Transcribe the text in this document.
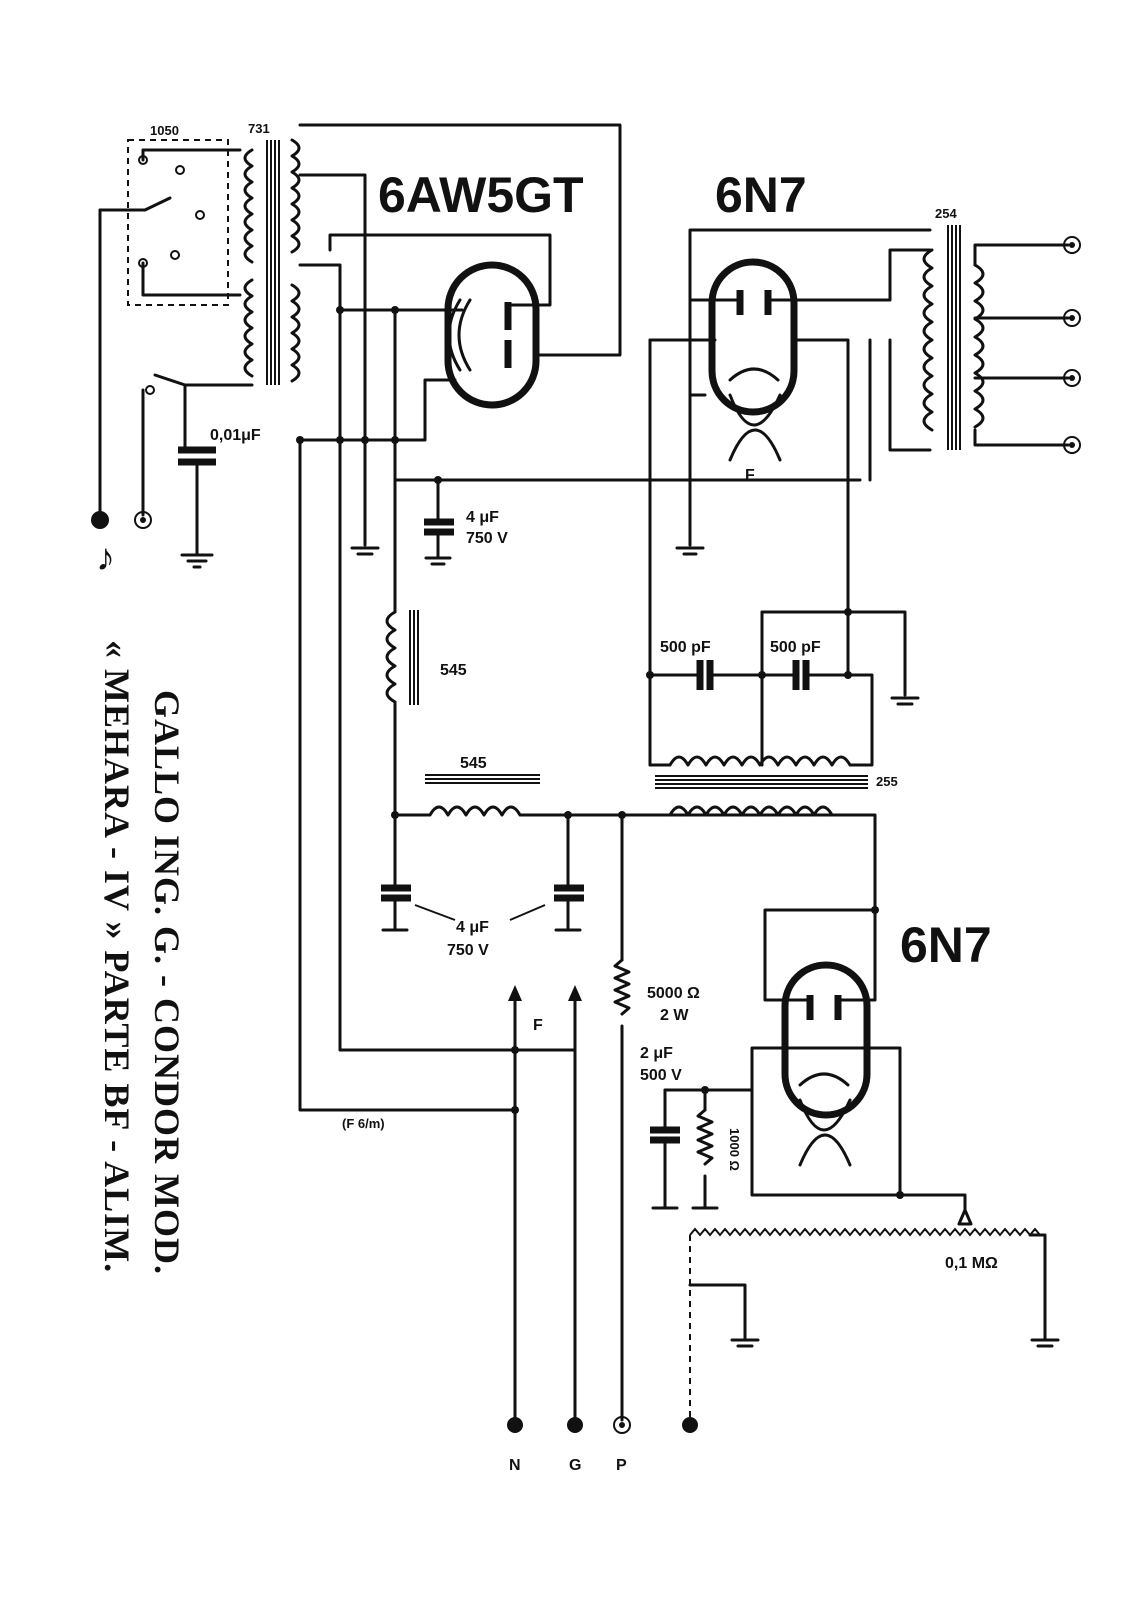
1050	731
♪
0,01μF
6AW5GT
4 μF
750 V
545
545
4 μF
750 V
6N7
F
254
500 pF	500 pF
255
6N7
5000 Ω
2 W
2 μF
500 V
1000 Ω
0,1 MΩ
F
(F 6/m)
N	G P
GALLO ING. G. - CONDOR MOD.
« MEHARA - IV » PARTE BF - ALIM.
